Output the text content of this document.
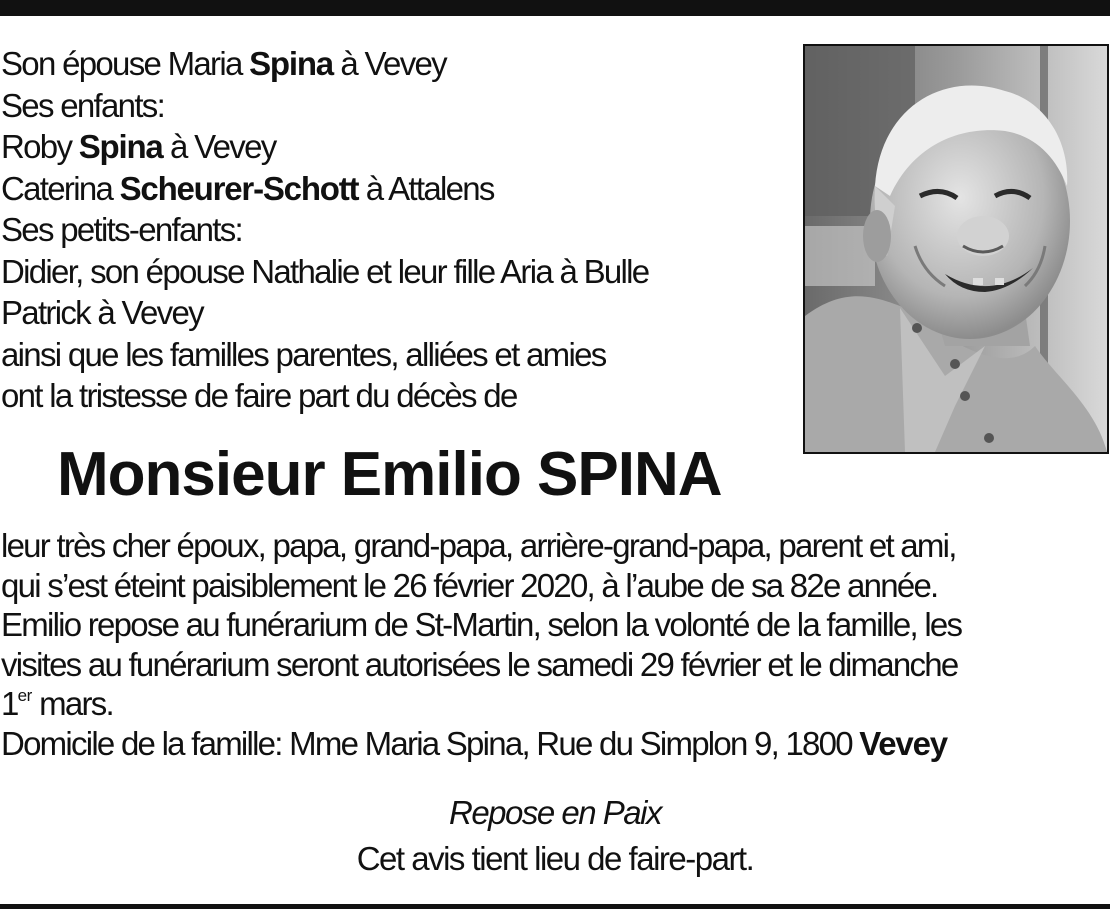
Son épouse Maria Spina à Vevey
Ses enfants:
Roby Spina à Vevey
Caterina Scheurer-Schott à Attalens
Ses petits-enfants:
Didier, son épouse Nathalie et leur fille Aria à Bulle
Patrick à Vevey
ainsi que les familles parentes, alliées et amies
ont la tristesse de faire part du décès de
Monsieur Emilio SPINA
leur très cher époux, papa, grand-papa, arrière-grand-papa, parent et ami,
qui s’est éteint paisiblement le 26 février 2020, à l’aube de sa 82e année.
Emilio repose au funérarium de St-Martin, selon la volonté de la famille, les
visites au funérarium seront autorisées le samedi 29 février et le dimanche
1er mars.
Domicile de la famille: Mme Maria Spina, Rue du Simplon 9, 1800 Vevey
Repose en Paix
Cet avis tient lieu de faire-part.
